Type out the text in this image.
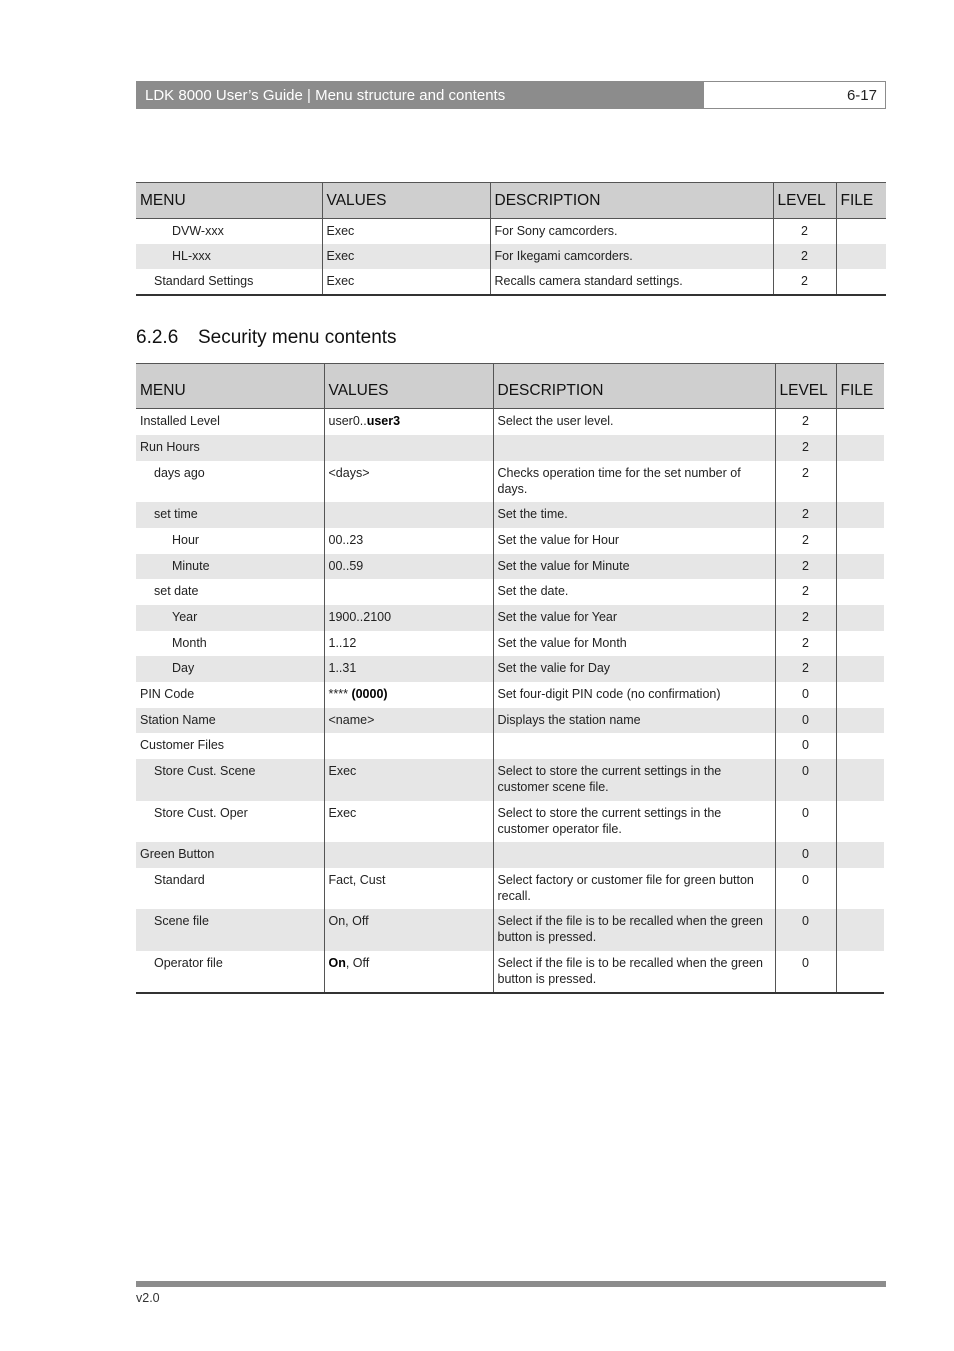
LDK 8000 User’s Guide | Menu structure and contents	6-17
MENU	VALUES	DESCRIPTION	LEVEL	FILE
DVW-xxx	Exec	For Sony camcorders.	2	
HL-xxx	Exec	For Ikegami camcorders.	2	
Standard Settings	Exec	Recalls camera standard settings.	2	
6.2.6 Security menu contents
MENU	VALUES	DESCRIPTION	LEVEL	FILE
Installed Level	user0..user3	Select the user level.	2	
Run Hours			2	
days ago	<days>	Checks operation time for the set number of days.	2	
set time		Set the time.	2	
Hour	00..23	Set the value for Hour	2	
Minute	00..59	Set the value for Minute	2	
set date		Set the date.	2	
Year	1900..2100	Set the value for Year	2	
Month	1..12	Set the value for Month	2	
Day	1..31	Set the valie for Day	2	
PIN Code	**** (0000)	Set four-digit PIN code (no confirmation)	0	
Station Name	<name>	Displays the station name	0	
Customer Files			0	
Store Cust. Scene	Exec	Select to store the current settings in the customer scene file.	0	
Store Cust. Oper	Exec	Select to store the current settings in the customer operator file.	0	
Green Button			0	
Standard	Fact, Cust	Select factory or customer file for green button recall.	0	
Scene file	On, Off	Select if the file is to be recalled when the green button is pressed.	0	
Operator file	On, Off	Select if the file is to be recalled when the green button is pressed.	0	
v2.0
